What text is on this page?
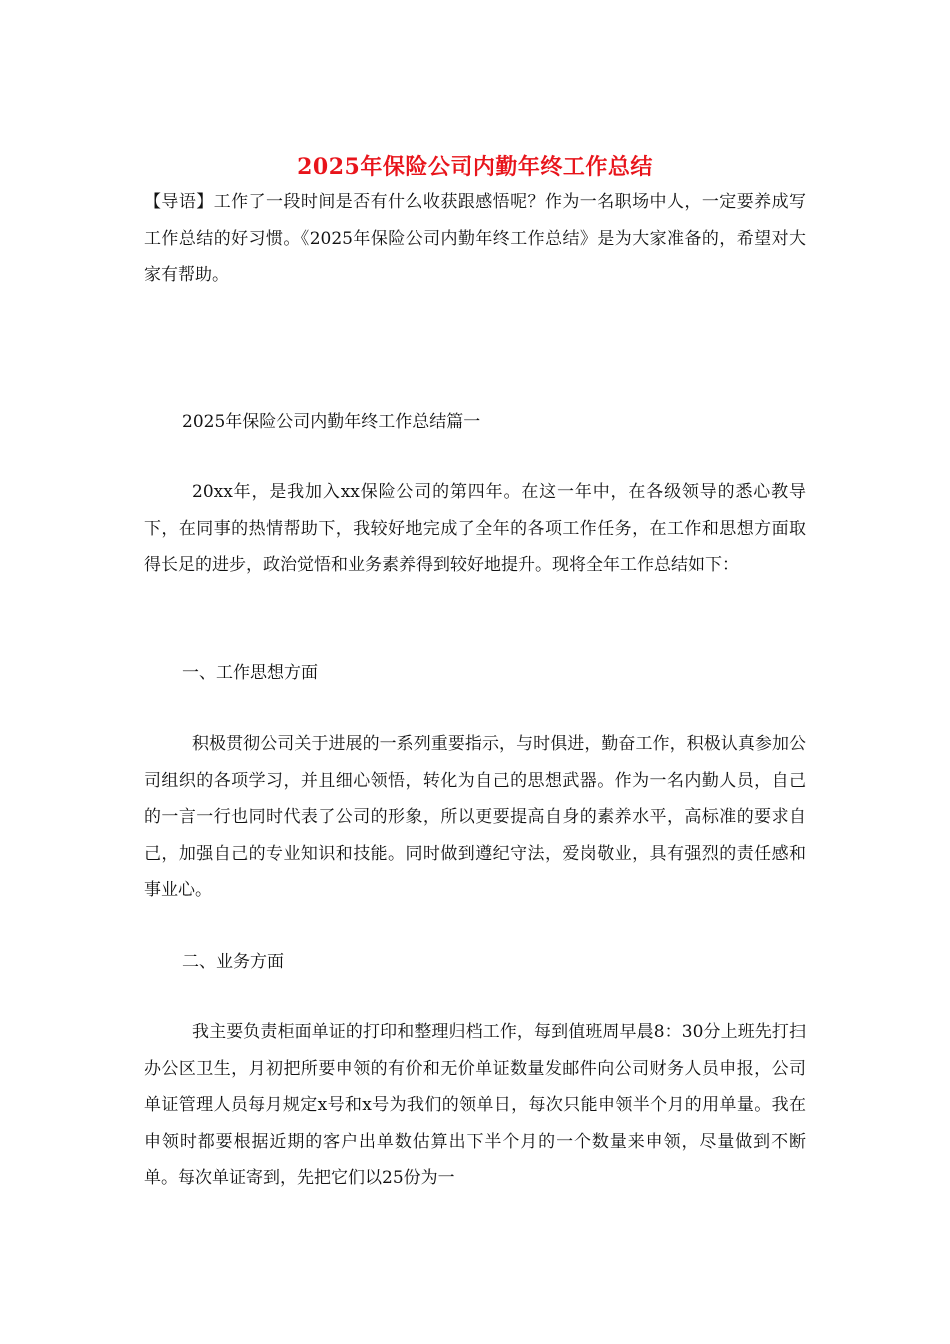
2025年保险公司内勤年终工作总结

【导语】工作了一段时间是否有什么收获跟感悟呢？作为一名职场中人，一定要养成写工作总结的好习惯。《2025年保险公司内勤年终工作总结》是为大家准备的，希望对大家有帮助。

2025年保险公司内勤年终工作总结篇一

20xx年，是我加入xx保险公司的第四年。在这一年中，在各级领导的悉心教导下，在同事的热情帮助下，我较好地完成了全年的各项工作任务，在工作和思想方面取得长足的进步，政治觉悟和业务素养得到较好地提升。现将全年工作总结如下：

一、工作思想方面

积极贯彻公司关于进展的一系列重要指示，与时俱进，勤奋工作，积极认真参加公司组织的各项学习，并且细心领悟，转化为自己的思想武器。作为一名内勤人员，自己的一言一行也同时代表了公司的形象，所以更要提高自身的素养水平，高标准的要求自己，加强自己的专业知识和技能。同时做到遵纪守法，爱岗敬业，具有强烈的责任感和事业心。

二、业务方面

我主要负责柜面单证的打印和整理归档工作，每到值班周早晨8：30分上班先打扫办公区卫生，月初把所要申领的有价和无价单证数量发邮件向公司财务人员申报，公司单证管理人员每月规定x号和x号为我们的领单日，每次只能申领半个月的用单量。我在申领时都要根据近期的客户出单数估算出下半个月的一个数量来申领，尽量做到不断单。每次单证寄到，先把它们以25份为一
